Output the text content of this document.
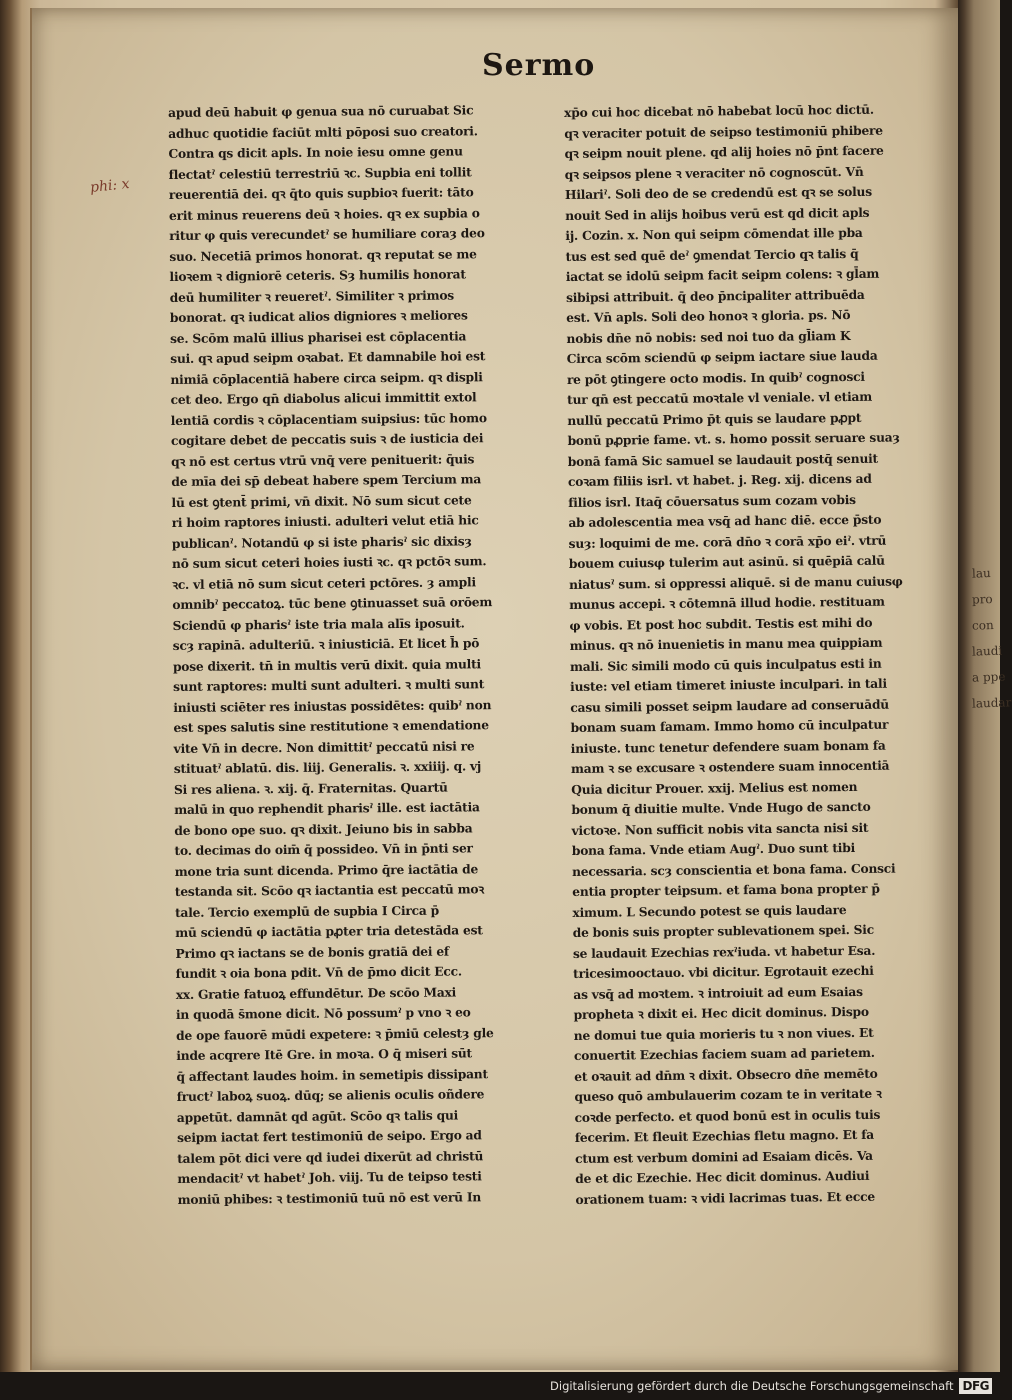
Sermo
phi: x
apud deū habuit φ genua sua nō curuabat Sic
adhuc quotidie faciūt mlti pōposi suo creatori.
Contra qs dicit apls. In noie iesu omne genu
flectatˀ celestiū terrestriū ꝛc. Supbia eni tollit
reuerentiā dei. qꝛ q̄to quis supbioꝛ fuerit: tāto
erit minus reuerens deū ꝛ hoies. qꝛ ex supbia o
ritur φ quis verecundetˀ se humiliare coraȝ deo
suo. Necetiā primos honorat. qꝛ reputat se me
lioꝛem ꝛ digniorē ceteris. Sȝ humilis honorat
deū humiliter ꝛ reueretˀ. Similiter ꝛ primos
bonorat. qꝛ iudicat alios digniores ꝛ meliores
se. Scōm malū illius pharisei est cōplacentia
sui. qꝛ apud seipm oꝛabat. Et damnabile hoi est
nimiā cōplacentiā habere circa seipm. qꝛ displi
cet deo. Ergo qn̄ diabolus alicui immittit extol
lentiā cordis ꝛ cōplacentiam suipsius: tūc homo
cogitare debet de peccatis suis ꝛ de iusticia dei
qꝛ nō est certus vtrū vnq̄ vere penituerit: q̄uis
de mīa dei sp̄ debeat habere spem Tercium ma
lū est ꝯtent̄ primi, vn̄ dixit. Nō sum sicut cete
ri hoim raptores iniusti. adulteri velut etiā hic
publicanˀ. Notandū φ si iste pharisˀ sic dixisȝ
nō sum sicut ceteri hoies iusti ꝛc. qꝛ pctōꝛ sum.
ꝛc. vl etiā nō sum sicut ceteri pctōres. ȝ ampli
omnibˀ peccatoꝝ. tūc bene ꝯtinuasset suā orōem
Sciendū φ pharisˀ iste tria mala alīs iposuit.
scȝ rapinā. adulteriū. ꝛ iniusticiā. Et licet h̄ pō
pose dixerit. tn̄ in multis verū dixit. quia multi
sunt raptores: multi sunt adulteri. ꝛ multi sunt
iniusti sciēter res iniustas possidētes: quibˀ non
est spes salutis sine restitutione ꝛ emendatione
vite Vn̄ in decre. Non dimittitˀ peccatū nisi re
stituatˀ ablatū. dis. liij. Generalis. ꝛ. xxiiij. q. vj
Si res aliena. ꝛ. xij. q̄. Fraternitas. Quartū
malū in quo rephendit pharisˀ ille. est iactātia
de bono ope suo. qꝛ dixit. Jeiuno bis in sabba
to. decimas do oim̄ q̄ possideo. Vn̄ in p̄nti ser
mone tria sunt dicenda. Primo q̄re iactātia de
testanda sit. Scōo qꝛ iactantia est peccatū moꝛ
tale. Tercio exemplū de supbia I Circa p̄
mū sciendū φ iactātia pꝓter tria detestāda est
Primo qꝛ iactans se de bonis gratiā dei ef
fundit ꝛ oia bona pdit. Vn̄ de p̄mo dicit Ecc.
xx. Gratie fatuoꝝ effundētur. De scōo Maxi
in quodā s̄mone dicit. Nō possumˀ p vno ꝛ eo
de ope fauorē mūdi expetere: ꝛ p̄miū celestȝ gle
inde acqrere Itē Gre. in moꝛa. O q̄ miseri sūt
q̄ affectant laudes hoim. in semetipis dissipant
fructˀ laboꝝ suoꝝ. dūq; se alienis oculis oñdere
appetūt. damnāt qd agūt. Scōo qꝛ talis qui
seipm iactat fert testimoniū de seipo. Ergo ad
talem pōt dici vere qd iudei dixerūt ad christū
mendacitˀ vt habetˀ Joh. viij. Tu de teipso testi
moniū phibes: ꝛ testimoniū tuū nō est verū In
xp̄o cui hoc dicebat nō habebat locū hoc dictū.
qꝛ veraciter potuit de seipso testimoniū phibere
qꝛ seipm nouit plene. qd alij hoies nō p̄nt facere
qꝛ seipsos plene ꝛ veraciter nō cognoscūt. Vn̄
Hilariˀ. Soli deo de se credendū est qꝛ se solus
nouit Sed in alijs hoibus verū est qd dicit apls
ij. Cozin. x. Non qui seipm cōmendat ille pba
tus est sed quē deˀ ꝯmendat Tercio qꝛ talis q̄
iactat se idolū seipm facit seipm colens: ꝛ gl̄am
sibipsi attribuit. q̄ deo p̄ncipaliter attribuēda
est. Vn̄ apls. Soli deo honoꝛ ꝛ gloria. ps. Nō
nobis dn̄e nō nobis: sed noi tuo da gl̄iam K
Circa scōm sciendū φ seipm iactare siue lauda
re pōt ꝯtingere octo modis. In quibˀ cognosci
tur qn̄ est peccatū moꝛtale vl veniale. vl etiam
nullū peccatū Primo p̄t quis se laudare pꝓpt
bonū pꝓprie fame. vt. s. homo possit seruare suaȝ
bonā famā Sic samuel se laudauit postq̄ senuit
coꝛam filiis isrl. vt habet. j. Reg. xij. dicens ad
filios isrl. Itaq̄ cōuersatus sum cozam vobis
ab adolescentia mea vsq̄ ad hanc diē. ecce p̄sto
suȝ: loquimi de me. corā dn̄o ꝛ corā xp̄o eiˀ. vtrū
bouem cuiusφ tulerim aut asinū. si quēpiā calū
niatusˀ sum. si oppressi aliquē. si de manu cuiusφ
munus accepi. ꝛ cōtemnā illud hodie. restituam
φ vobis. Et post hoc subdit. Testis est mihi do
minus. qꝛ nō inuenietis in manu mea quippiam
mali. Sic simili modo cū quis inculpatus esti in
iuste: vel etiam timeret iniuste inculpari. in tali
casu simili posset seipm laudare ad conseruādū
bonam suam famam. Immo homo cū inculpatur
iniuste. tunc tenetur defendere suam bonam fa
mam ꝛ se excusare ꝛ ostendere suam innocentiā
Quia dicitur Prouer. xxij. Melius est nomen
bonum q̄ diuitie multe. Vnde Hugo de sancto
victoꝛe. Non sufficit nobis vita sancta nisi sit
bona fama. Vnde etiam Augˀ. Duo sunt tibi
necessaria. scȝ conscientia et bona fama. Consci
entia propter teipsum. et fama bona propter p̄
ximum. L Secundo potest se quis laudare
de bonis suis propter sublevationem spei. Sic
se laudauit Ezechias rexˀiuda. vt habetur Esa.
tricesimooctauo. vbi dicitur. Egrotauit ezechi
as vsq̄ ad moꝛtem. ꝛ introiuit ad eum Esaias
propheta ꝛ dixit ei. Hec dicit dominus. Dispo
ne domui tue quia morieris tu ꝛ non viues. Et
conuertit Ezechias faciem suam ad parietem.
et oꝛauit ad dn̄m ꝛ dixit. Obsecro dn̄e memēto
queso quō ambulauerim cozam te in veritate ꝛ
coꝛde perfecto. et quod bonū est in oculis tuis
fecerim. Et fleuit Ezechias fletu magno. Et fa
ctum est verbum domini ad Esaiam dicēs. Va
de et dic Ezechie. Hec dicit dominus. Audiui
orationem tuam: ꝛ vidi lacrimas tuas. Et ecce
lau
pro
con
laudi
a ppe
laudar
Digitalisierung gefördert durch die Deutsche Forschungsgemeinschaft DFG
